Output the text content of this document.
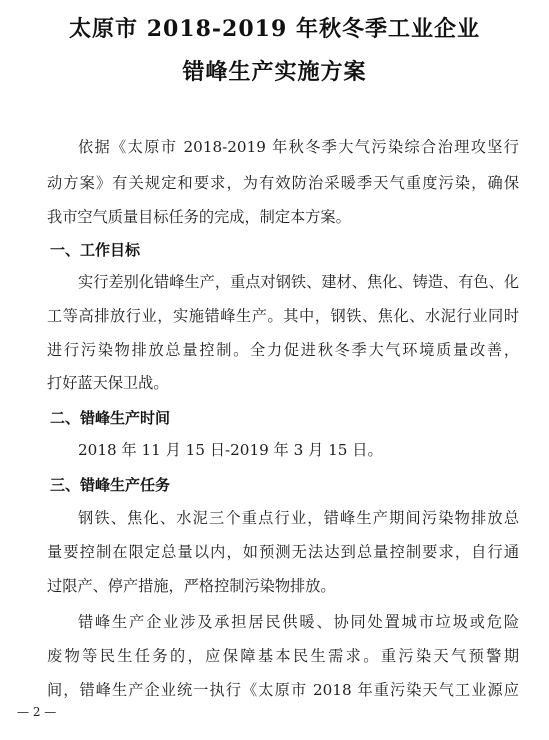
太原市 2018-2019 年秋冬季工业企业
错峰生产实施方案
依据《太原市 2018-2019 年秋冬季大气污染综合治理攻坚行
动方案》有关规定和要求，为有效防治采暖季天气重度污染，确保
我市空气质量目标任务的完成，制定本方案。
一、工作目标
实行差别化错峰生产，重点对钢铁、建材、焦化、铸造、有色、化
工等高排放行业，实施错峰生产。其中，钢铁、焦化、水泥行业同时
进行污染物排放总量控制。全力促进秋冬季大气环境质量改善，
打好蓝天保卫战。
二、错峰生产时间
2018 年 11 月 15 日-2019 年 3 月 15 日。
三、错峰生产任务
钢铁、焦化、水泥三个重点行业，错峰生产期间污染物排放总
量要控制在限定总量以内，如预测无法达到总量控制要求，自行通
过限产、停产措施，严格控制污染物排放。
错峰生产企业涉及承担居民供暖、协同处置城市垃圾或危险
废物等民生任务的，应保障基本民生需求。重污染天气预警期
间，错峰生产企业统一执行《太原市 2018 年重污染天气工业源应
— 2 —
